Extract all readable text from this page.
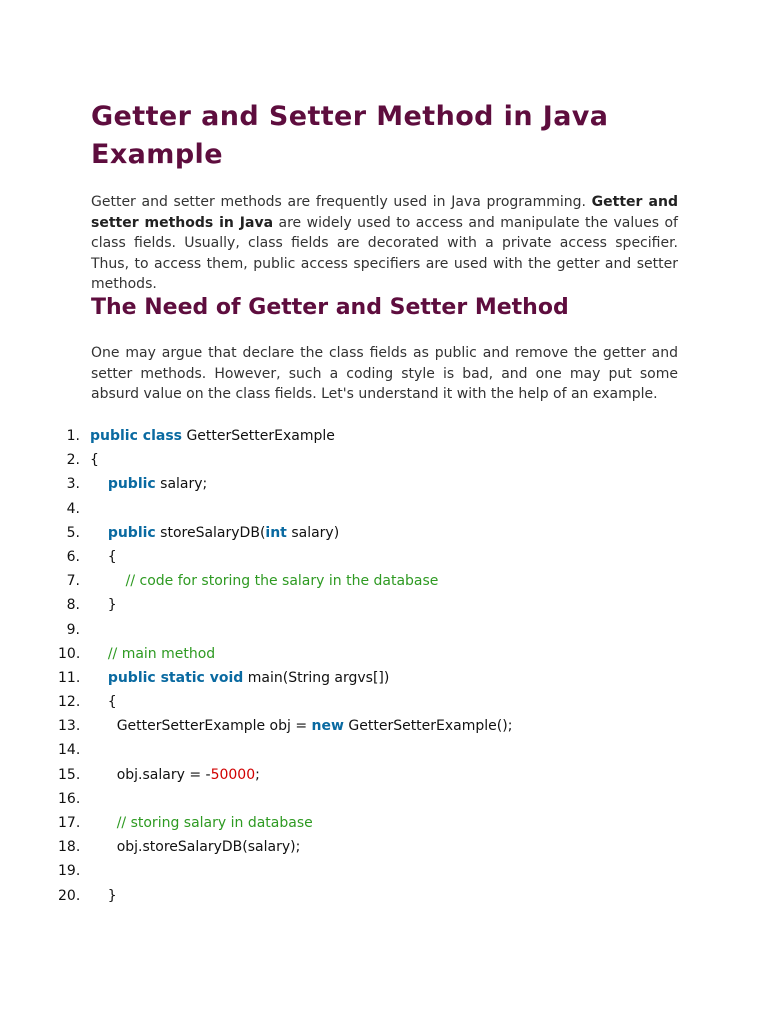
Getter and Setter Method in Java
Example

Getter and setter methods are frequently used in Java programming. Getter and setter methods in Java are widely used to access and manipulate the values of class fields. Usually, class fields are decorated with a private access specifier. Thus, to access them, public access specifiers are used with the getter and setter methods.

The Need of Getter and Setter Method

One may argue that declare the class fields as public and remove the getter and setter methods. However, such a coding style is bad, and one may put some absurd value on the class fields. Let's understand it with the help of an example.

1. public class GetterSetterExample
2. {
3.	public salary;
4.
5.	public storeSalaryDB(int salary)
6. {
7.	// code for storing the salary in the database
8. }
9.
10.	// main method
11.	public static void main(String argvs[])
12. {
13. GetterSetterExample obj = new GetterSetterExample();
14.
15. obj.salary = -50000;
16.
17.	// storing salary in database
18. obj.storeSalaryDB(salary);
19.
20. }
